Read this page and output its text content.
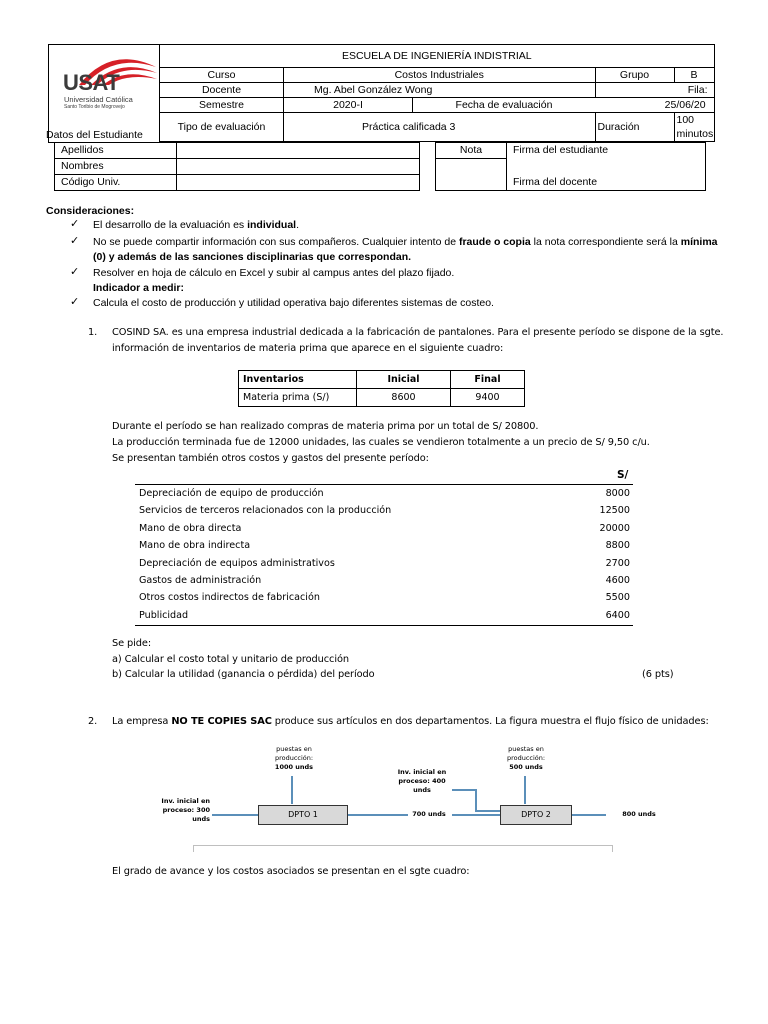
USAT
Universidad Católica
Santo Toribio de Mogrovejo	ESCUELA DE INGENIERÍA INDISTRIAL				
	Curso	Costos Industriales		Grupo	B
	Docente	Mg. Abel González Wong		Fila:	
	Semestre	2020-I	Fecha de evaluación	25/06/20	
	Tipo de evaluación	Práctica calificada 3		Duración	100 minutos

Datos del Estudiante
Apellidos	
Nombres	
Código Univ.	
Nota	Firma del estudiante
Firma del docente

Consideraciones:
✓ El desarrollo de la evaluación es individual.
✓ No se puede compartir información con sus compañeros. Cualquier intento de fraude o copia la nota correspondiente será la mínima
(0) y además de las sanciones disciplinarias que correspondan.
✓ Resolver en hoja de cálculo en Excel y subir al campus antes del plazo fijado.
Indicador a medir:
✓ Calcula el costo de producción y utilidad operativa bajo diferentes sistemas de costeo.
1. COSIND SA. es una empresa industrial dedicada a la fabricación de pantalones. Para el presente período se dispone de la sgte.
información de inventarios de materia prima que aparece en el siguiente cuadro:
Inventarios	Inicial	Final
Materia prima (S/)	8600	9400
Durante el período se han realizado compras de materia prima por un total de S/ 20800.
La producción terminada fue de 12000 unidades, las cuales se vendieron totalmente a un precio de S/ 9,50 c/u.
Se presentan también otros costos y gastos del presente período:
S/
Depreciación de equipo de producción	8000
Servicios de terceros relacionados con la producción	12500
Mano de obra directa	20000
Mano de obra indirecta	8800
Depreciación de equipos administrativos	2700
Gastos de administración	4600
Otros costos indirectos de fabricación	5500
Publicidad	6400
Se pide:
a) Calcular el costo total y unitario de producción
b) Calcular la utilidad (ganancia o pérdida) del período	(6 pts)
2. La empresa NO TE COPIES SAC produce sus artículos en dos departamentos. La figura muestra el flujo físico de unidades:
puestas en
producción:
1000 unds
puestas en
producción:
500 unds
Inv. inicial en
proceso: 400
unds
Inv. inicial en
proceso: 300
unds	DPTO 1	DPTO 2
700 unds	800 unds
El grado de avance y los costos asociados se presentan en el sgte cuadro:
